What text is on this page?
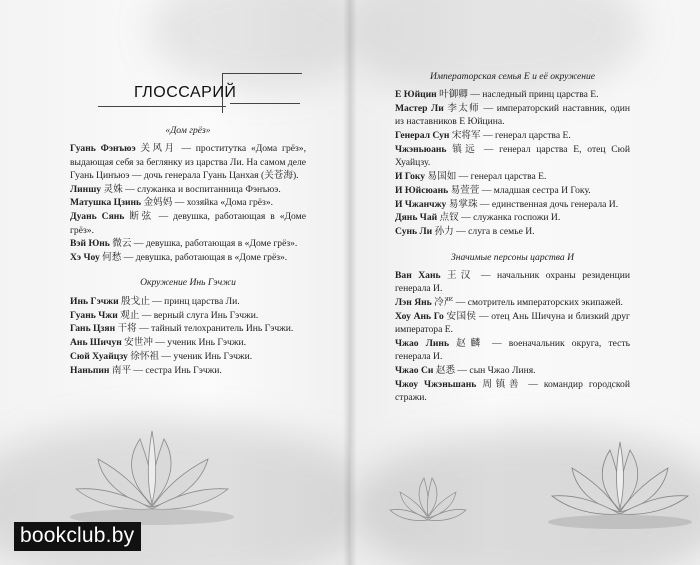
ГЛОССАРИЙ
«Дом грёз»
Гуань Фэнъюэ 关风月 — проститутка «Дома грёз», выдающая себя за беглянку из царства Ли. На самом деле Гуань Цинъюэ — дочь генерала Гуань Цанхая (关苍海).
Линшу 灵姝 — служанка и воспитанница Фэнъюэ.
Матушка Цзинь 金妈妈 — хозяйка «Дома грёз».
Дуань Сянь 断弦 — девушка, работающая в «Доме грёз».
Вэй Юнь 微云 — девушка, работающая в «Доме грёз».
Хэ Чоу 何愁 — девушка, работающая в «Доме грёз».
Окружение Инь Гэчжи
Инь Гэчжи 殷戈止 — принц царства Ли.
Гуань Чжи 观止 — верный слуга Инь Гэчжи.
Гань Цзян 干将 — тайный телохранитель Инь Гэчжи.
Ань Шичун 安世冲 — ученик Инь Гэчжи.
Сюй Хуайцзу 徐怀祖 — ученик Инь Гэчжи.
Наньпин 南平 — сестра Инь Гэчжи.
Императорская семья Е и её окружение
Е Юйцин 叶御卿 — наследный принц царства Е.
Мастер Ли 李太师 — императорский наставник, один из наставников Е Юйцина.
Генерал Сун 宋将军 — генерал царства Е.
Чжэньюань 镇远 — генерал царства Е, отец Сюй Хуайцзу.
И Гоку 易国如 — генерал царства Е.
И Юйсюань 易萱萱 — младшая сестра И Гоку.
И Чжанчжу 易掌珠 — единственная дочь генерала И.
Дянь Чай 点钗 — служанка госпожи И.
Сунь Ли 孙力 — слуга в семье И.
Значимые персоны царства И
Ван Хань 王汉 — начальник охраны резиденции генерала И.
Лэн Янь 冷严 — смотритель императорских экипажей.
Хоу Ань Го 安国侯 — отец Ань Шичуна и близкий друг императора Е.
Чжао Линь 赵麟 — военачальник округа, тесть генерала И.
Чжао Си 赵悉 — сын Чжао Линя.
Чжоу Чжэньшань 周镇善 — командир городской стражи.
bookclub.by
